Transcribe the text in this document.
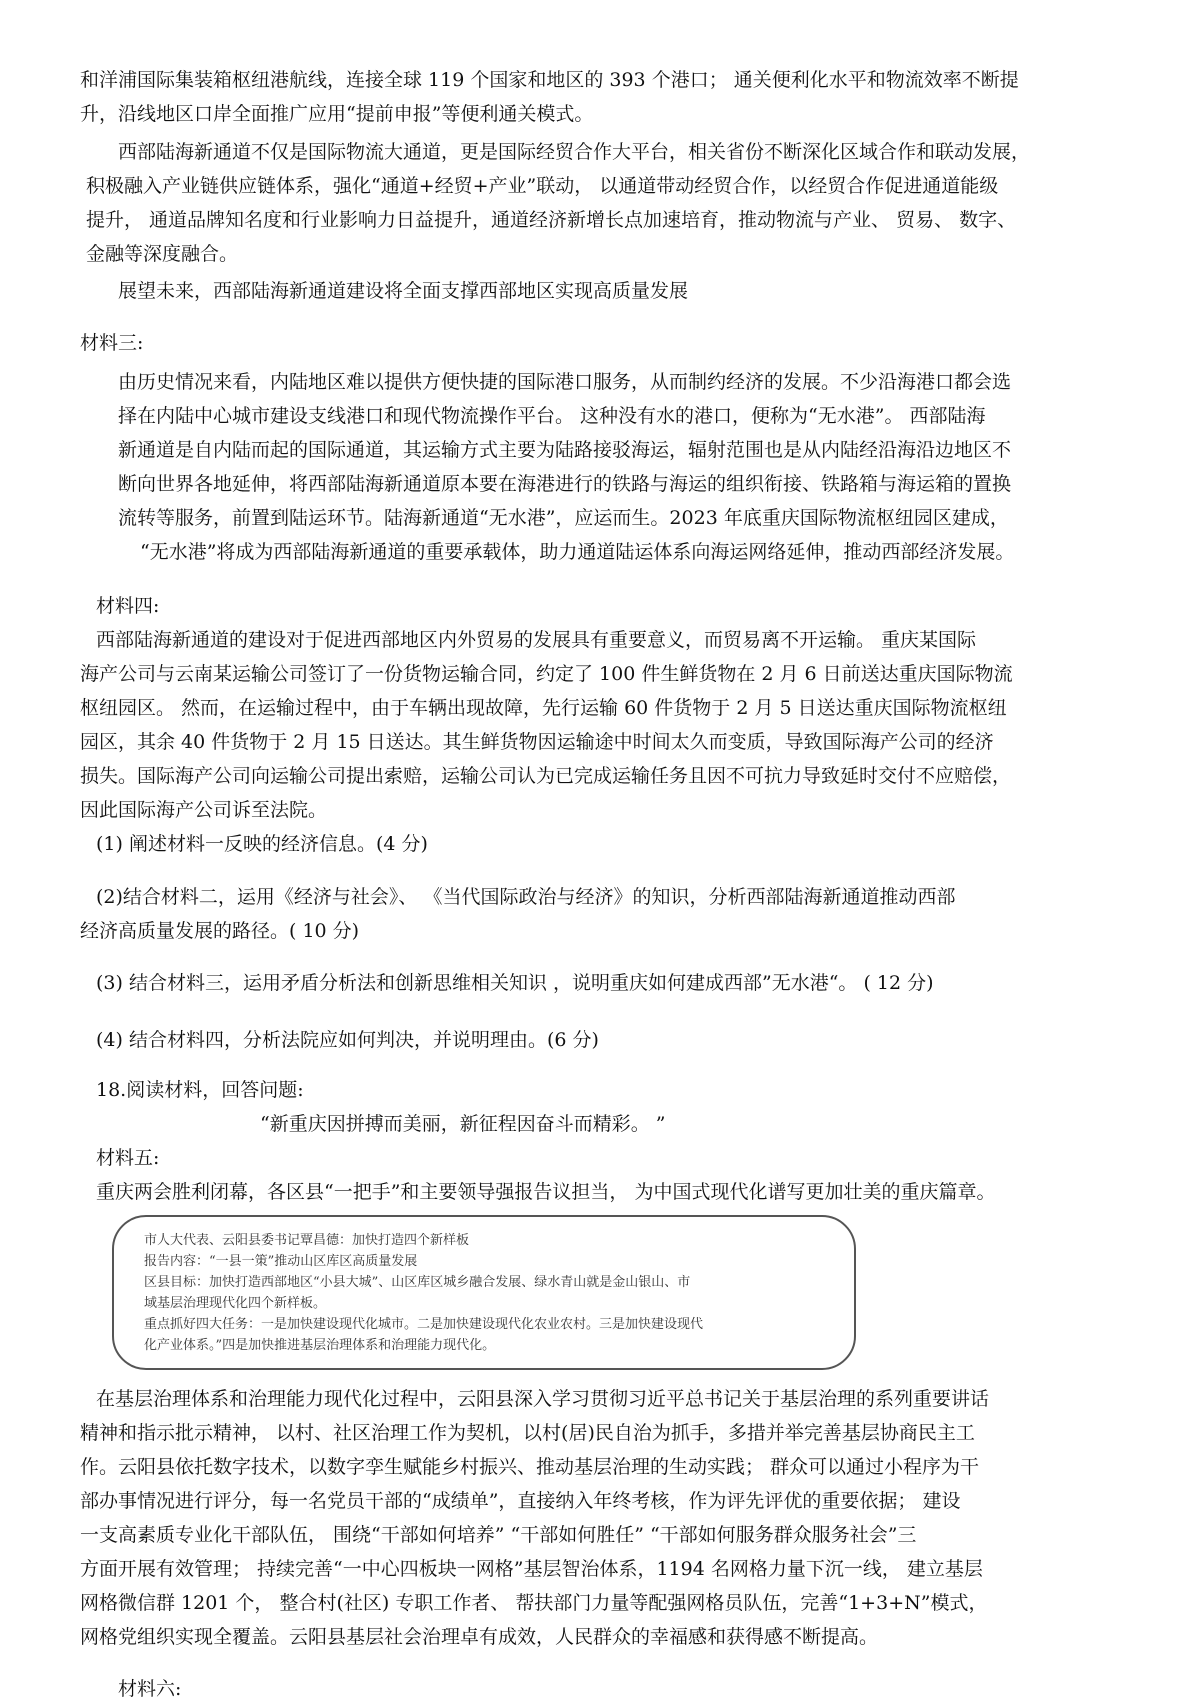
和洋浦国际集装箱枢纽港航线，连接全球 119 个国家和地区的 393 个港口； 通关便利化水平和物流效率不断提

升，沿线地区口岸全面推广应用“提前申报”等便利通关模式。

西部陆海新通道不仅是国际物流大通道，更是国际经贸合作大平台，相关省份不断深化区域合作和联动发展，

积极融入产业链供应链体系，强化“通道+经贸+产业”联动， 以通道带动经贸合作，以经贸合作促进通道能级

提升， 通道品牌知名度和行业影响力日益提升，通道经济新增长点加速培育，推动物流与产业、 贸易、 数字、

金融等深度融合。

展望未来，西部陆海新通道建设将全面支撑西部地区实现高质量发展

材料三:

由历史情况来看，内陆地区难以提供方便快捷的国际港口服务，从而制约经济的发展。不少沿海港口都会选

择在内陆中心城市建设支线港口和现代物流操作平台。 这种没有水的港口，便称为“无水港”。 西部陆海

新通道是自内陆而起的国际通道，其运输方式主要为陆路接驳海运，辐射范围也是从内陆经沿海沿边地区不

断向世界各地延伸，将西部陆海新通道原本要在海港进行的铁路与海运的组织衔接、铁路箱与海运箱的置换

流转等服务，前置到陆运环节。陆海新通道“无水港”，应运而生。2023 年底重庆国际物流枢纽园区建成，

“无水港”将成为西部陆海新通道的重要承载体，助力通道陆运体系向海运网络延伸，推动西部经济发展。

材料四:

西部陆海新通道的建设对于促进西部地区内外贸易的发展具有重要意义，而贸易离不开运输。 重庆某国际

海产公司与云南某运输公司签订了一份货物运输合同，约定了 100 件生鲜货物在 2 月 6 日前送达重庆国际物流

枢纽园区。 然而，在运输过程中，由于车辆出现故障，先行运输 60 件货物于 2 月 5 日送达重庆国际物流枢纽

园区，其余 40 件货物于 2 月 15 日送达。其生鲜货物因运输途中时间太久而变质，导致国际海产公司的经济

损失。国际海产公司向运输公司提出索赔，运输公司认为已完成运输任务且因不可抗力导致延时交付不应赔偿，

因此国际海产公司诉至法院。

(1) 阐述材料一反映的经济信息。(4 分)

(2)结合材料二，运用《经济与社会》、 《当代国际政治与经济》的知识，分析西部陆海新通道推动西部

经济高质量发展的路径。( 10 分)

(3) 结合材料三，运用矛盾分析法和创新思维相关知识 ，说明重庆如何建成西部”无水港“。 ( 12 分)

(4) 结合材料四，分析法院应如何判决，并说明理由。(6 分)

18.阅读材料，回答问题:

“新重庆因拼搏而美丽，新征程因奋斗而精彩。 ”

材料五:

重庆两会胜利闭幕，各区县“一把手”和主要领导强报告议担当， 为中国式现代化谱写更加壮美的重庆篇章。

市人大代表、云阳县委书记覃昌德：加快打造四个新样板

报告内容：“一县一策”推动山区库区高质量发展

区县目标：加快打造西部地区“小县大城”、山区库区城乡融合发展、绿水青山就是金山银山、市

域基层治理现代化四个新样板。

重点抓好四大任务：一是加快建设现代化城市。二是加快建设现代化农业农村。三是加快建设现代

化产业体系。”四是加快推进基层治理体系和治理能力现代化。

在基层治理体系和治理能力现代化过程中，云阳县深入学习贯彻习近平总书记关于基层治理的系列重要讲话

精神和指示批示精神， 以村、社区治理工作为契机，以村(居)民自治为抓手，多措并举完善基层协商民主工

作。云阳县依托数字技术，以数字孪生赋能乡村振兴、推动基层治理的生动实践； 群众可以通过小程序为干

部办事情况进行评分，每一名党员干部的“成绩单”，直接纳入年终考核，作为评先评优的重要依据； 建设

一支高素质专业化干部队伍， 围绕“干部如何培养” “干部如何胜任” “干部如何服务群众服务社会”三

方面开展有效管理； 持续完善“一中心四板块一网格”基层智治体系，1194 名网格力量下沉一线， 建立基层

网格微信群 1201 个， 整合村(社区) 专职工作者、 帮扶部门力量等配强网格员队伍，完善“1+3+N”模式，

网格党组织实现全覆盖。云阳县基层社会治理卓有成效，人民群众的幸福感和获得感不断提高。

材料六:
